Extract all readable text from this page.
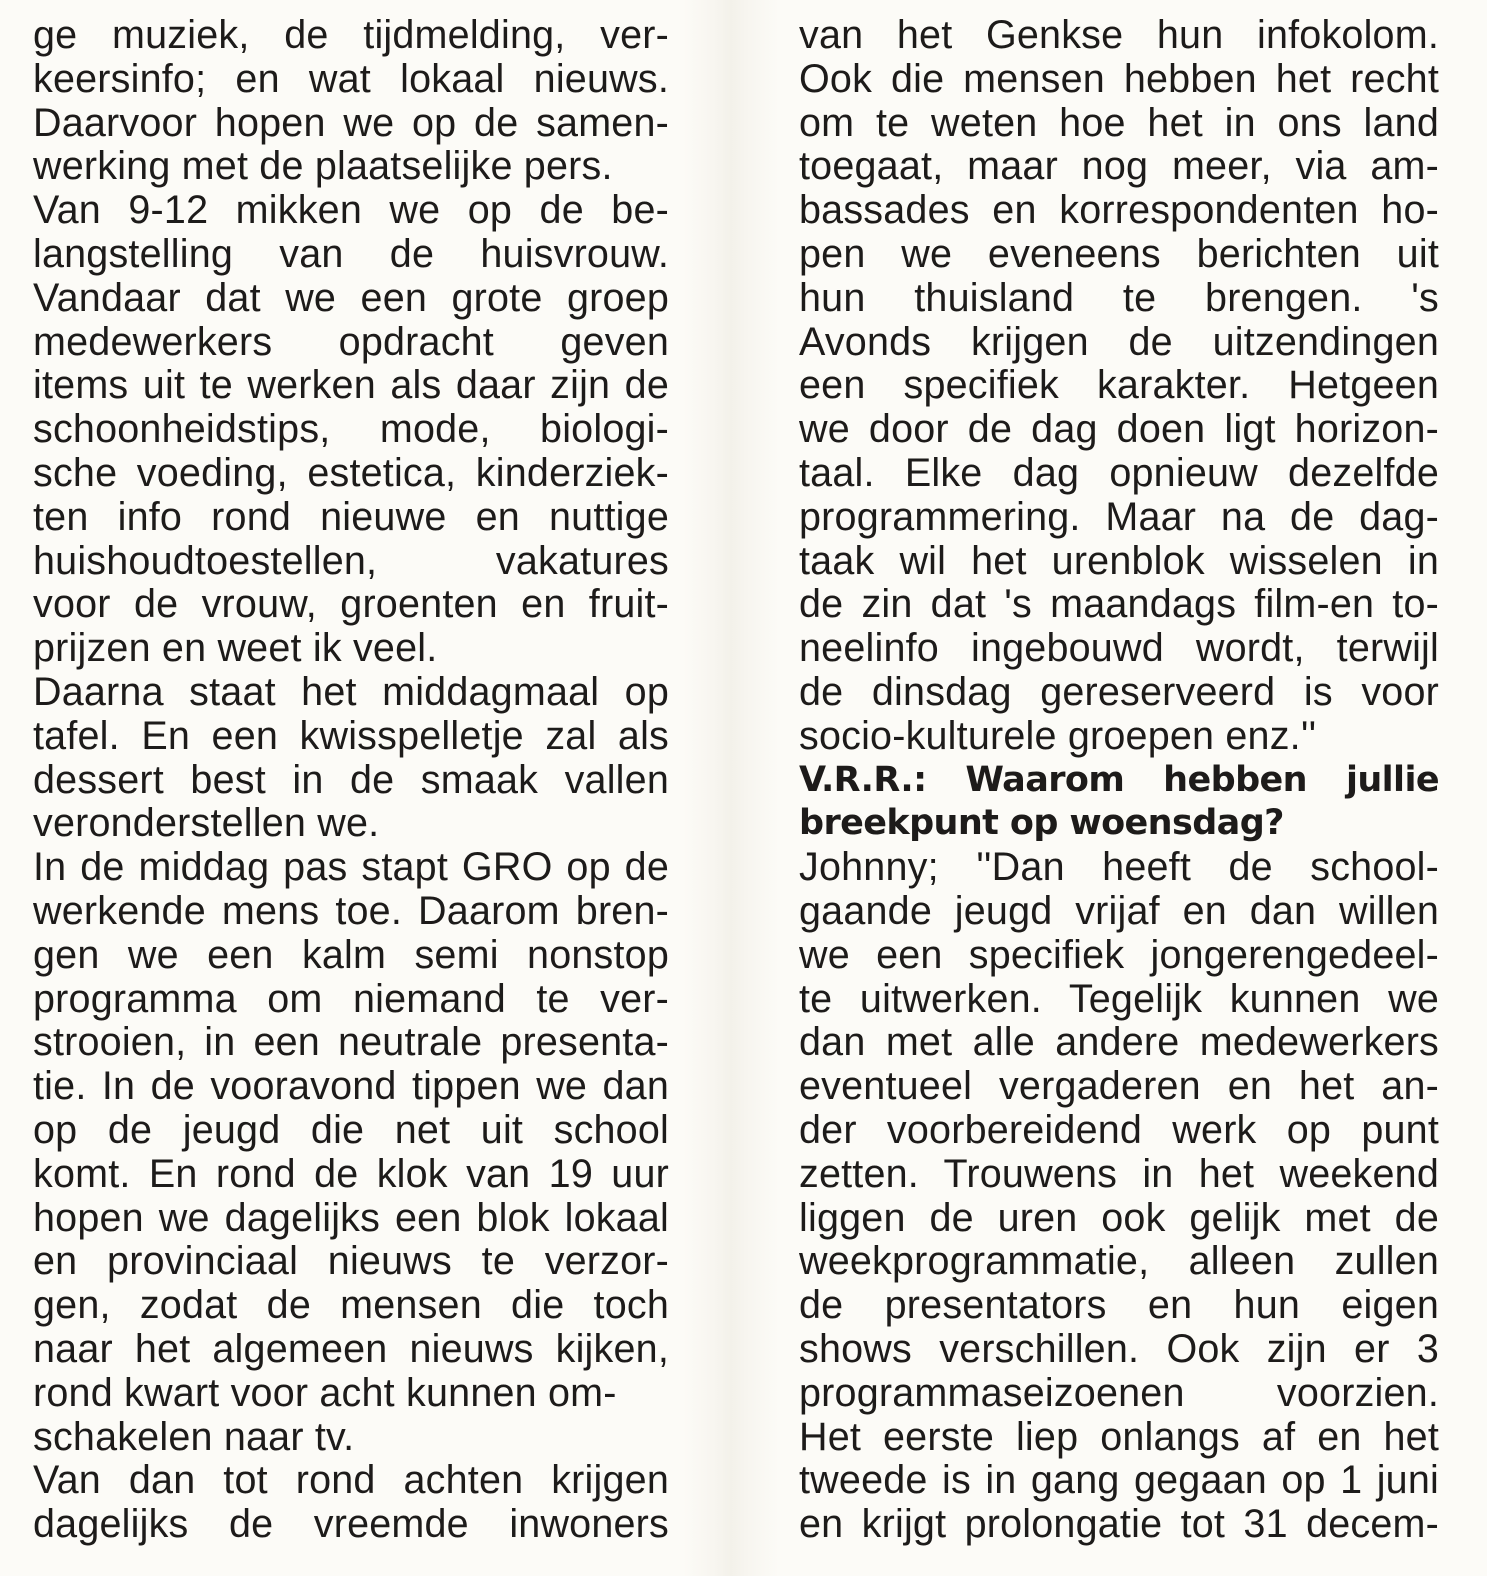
ge muziek, de tijdmelding, ver-
keersinfo; en wat lokaal nieuws.
Daarvoor hopen we op de samen-
werking met de plaatselijke pers.
Van 9-12 mikken we op de be-
langstelling van de huisvrouw.
Vandaar dat we een grote groep
medewerkers opdracht geven
items uit te werken als daar zijn de
schoonheidstips, mode, biologi-
sche voeding, estetica, kinderziek-
ten info rond nieuwe en nuttige
huishoudtoestellen, vakatures
voor de vrouw, groenten en fruit-
prijzen en weet ik veel.
Daarna staat het middagmaal op
tafel. En een kwisspelletje zal als
dessert best in de smaak vallen
veronderstellen we.
In de middag pas stapt GRO op de
werkende mens toe. Daarom bren-
gen we een kalm semi nonstop
programma om niemand te ver-
strooien, in een neutrale presenta-
tie. In de vooravond tippen we dan
op de jeugd die net uit school
komt. En rond de klok van 19 uur
hopen we dagelijks een blok lokaal
en provinciaal nieuws te verzor-
gen, zodat de mensen die toch
naar het algemeen nieuws kijken,
rond kwart voor acht kunnen om-
schakelen naar tv.
Van dan tot rond achten krijgen
dagelijks de vreemde inwoners
van het Genkse hun infokolom.
Ook die mensen hebben het recht
om te weten hoe het in ons land
toegaat, maar nog meer, via am-
bassades en korrespondenten ho-
pen we eveneens berichten uit
hun thuisland te brengen. 's
Avonds krijgen de uitzendingen
een specifiek karakter. Hetgeen
we door de dag doen ligt horizon-
taal. Elke dag opnieuw dezelfde
programmering. Maar na de dag-
taak wil het urenblok wisselen in
de zin dat 's maandags film-en to-
neelinfo ingebouwd wordt, terwijl
de dinsdag gereserveerd is voor
socio-kulturele groepen enz.''
V.R.R.: Waarom hebben jullie
breekpunt op woensdag?
Johnny; ''Dan heeft de school-
gaande jeugd vrijaf en dan willen
we een specifiek jongerengedeel-
te uitwerken. Tegelijk kunnen we
dan met alle andere medewerkers
eventueel vergaderen en het an-
der voorbereidend werk op punt
zetten. Trouwens in het weekend
liggen de uren ook gelijk met de
weekprogrammatie, alleen zullen
de presentators en hun eigen
shows verschillen. Ook zijn er 3
programmaseizoenen voorzien.
Het eerste liep onlangs af en het
tweede is in gang gegaan op 1 juni
en krijgt prolongatie tot 31 decem-
